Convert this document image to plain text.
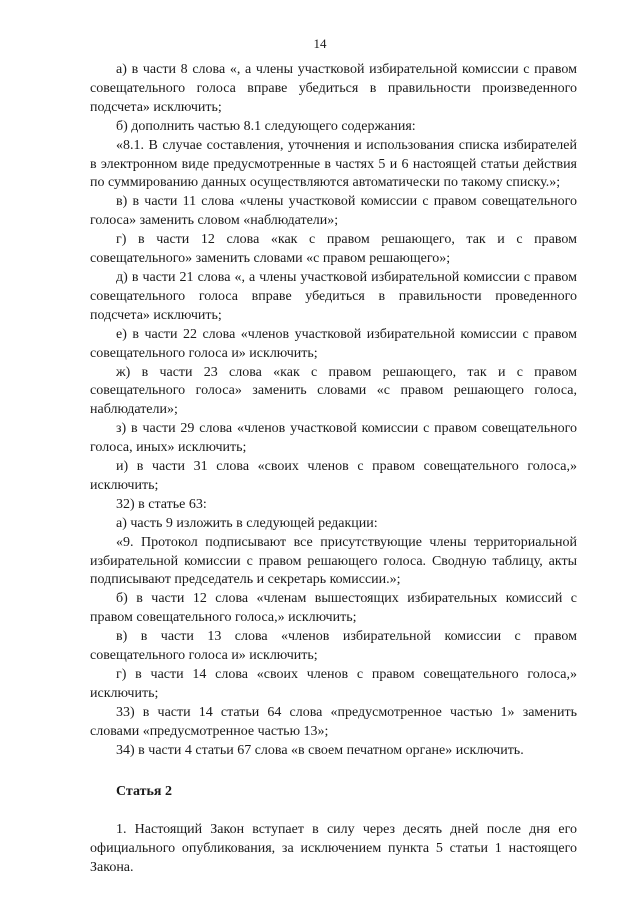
14

а) в части 8 слова «, а члены участковой избирательной комиссии с правом совещательного голоса вправе убедиться в правильности произведенного подсчета» исключить;

б) дополнить частью 8.1 следующего содержания:

«8.1. В случае составления, уточнения и использования списка избирателей в электронном виде предусмотренные в частях 5 и 6 настоящей статьи действия по суммированию данных осуществляются автоматически по такому списку.»;

в) в части 11 слова «члены участковой комиссии с правом совещательного голоса» заменить словом «наблюдатели»;

г) в части 12 слова «как с правом решающего, так и с правом совещательного» заменить словами «с правом решающего»;

д) в части 21 слова «, а члены участковой избирательной комиссии с правом совещательного голоса вправе убедиться в правильности проведенного подсчета» исключить;

е) в части 22 слова «членов участковой избирательной комиссии с правом совещательного голоса и» исключить;

ж) в части 23 слова «как с правом решающего, так и с правом совещательного голоса» заменить словами «с правом решающего голоса, наблюдатели»;

з) в части 29 слова «членов участковой комиссии с правом совещательного голоса, иных» исключить;

и) в части 31 слова «своих членов с правом совещательного голоса,» исключить;

32) в статье 63:

а) часть 9 изложить в следующей редакции:

«9. Протокол подписывают все присутствующие члены территориальной избирательной комиссии с правом решающего голоса. Сводную таблицу, акты подписывают председатель и секретарь комиссии.»;

б) в части 12 слова «членам вышестоящих избирательных комиссий с правом совещательного голоса,» исключить;

в) в части 13 слова «членов избирательной комиссии с правом совещательного голоса и» исключить;

г) в части 14 слова «своих членов с правом совещательного голоса,» исключить;

33) в части 14 статьи 64 слова «предусмотренное частью 1» заменить словами «предусмотренное частью 13»;

34) в части 4 статьи 67 слова «в своем печатном органе» исключить.

Статья 2

1. Настоящий Закон вступает в силу через десять дней после дня его официального опубликования, за исключением пункта 5 статьи 1 настоящего Закона.
